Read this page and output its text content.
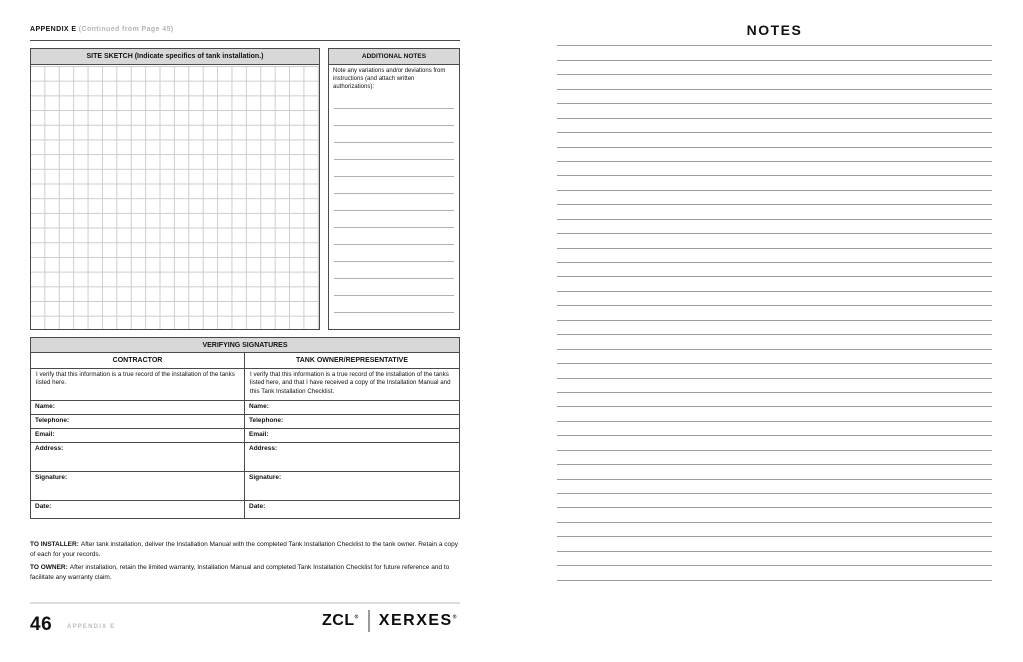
APPENDIX E (Continued from Page 45)
SITE SKETCH (Indicate specifics of tank installation.)	ADDITIONAL NOTES
Note any variations and/or deviations from instructions (and attach written authorizations):
VERIFYING SIGNATURES
CONTRACTOR
I verify that this information is a true record of the installation of the tanks listed here.
Name:
Telephone:
Email:
Address:
Signature:
Date:
TANK OWNER/REPRESENTATIVE
I verify that this information is a true record of the installation of the tanks listed here, and that I have received a copy of the Installation Manual and this Tank Installation Checklist.
Name:
Telephone:
Email:
Address:
Signature:
Date:

TO INSTALLER: After tank installation, deliver the Installation Manual with the completed Tank Installation Checklist to the tank owner. Retain a copy of each for your records.

TO OWNER: After installation, retain the limited warranty, Installation Manual and completed Tank Installation Checklist for future reference and to facilitate any warranty claim.

46 APPENDIX E	ZCL® XERXES®
NOTES
